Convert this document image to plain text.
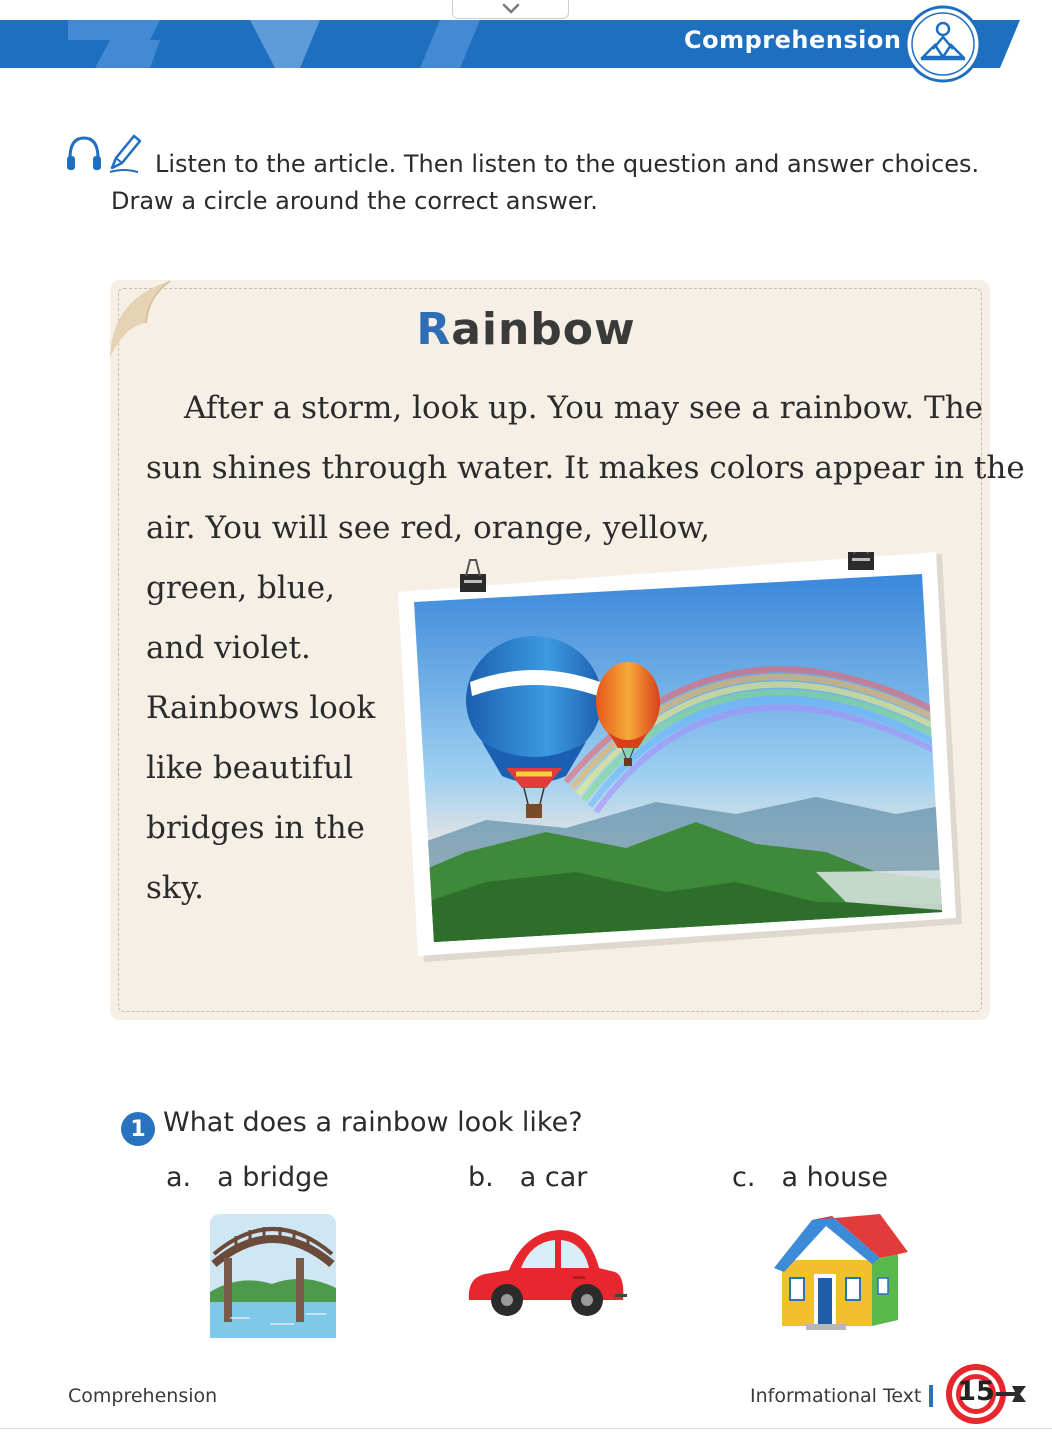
Comprehension
Listen to the article. Then listen to the question and answer choices. Draw a circle around the correct answer.
Rainbow
After a storm, look up. You may see a rainbow. The
sun shines through water. It makes colors appear in the
air. You will see red, orange, yellow,
green, blue,
and violet.
Rainbows look
like beautiful
bridges in the
sky.
1 What does a rainbow look like?
a. a bridge	b. a car	c. a house
Comprehension	Informational Text 15
